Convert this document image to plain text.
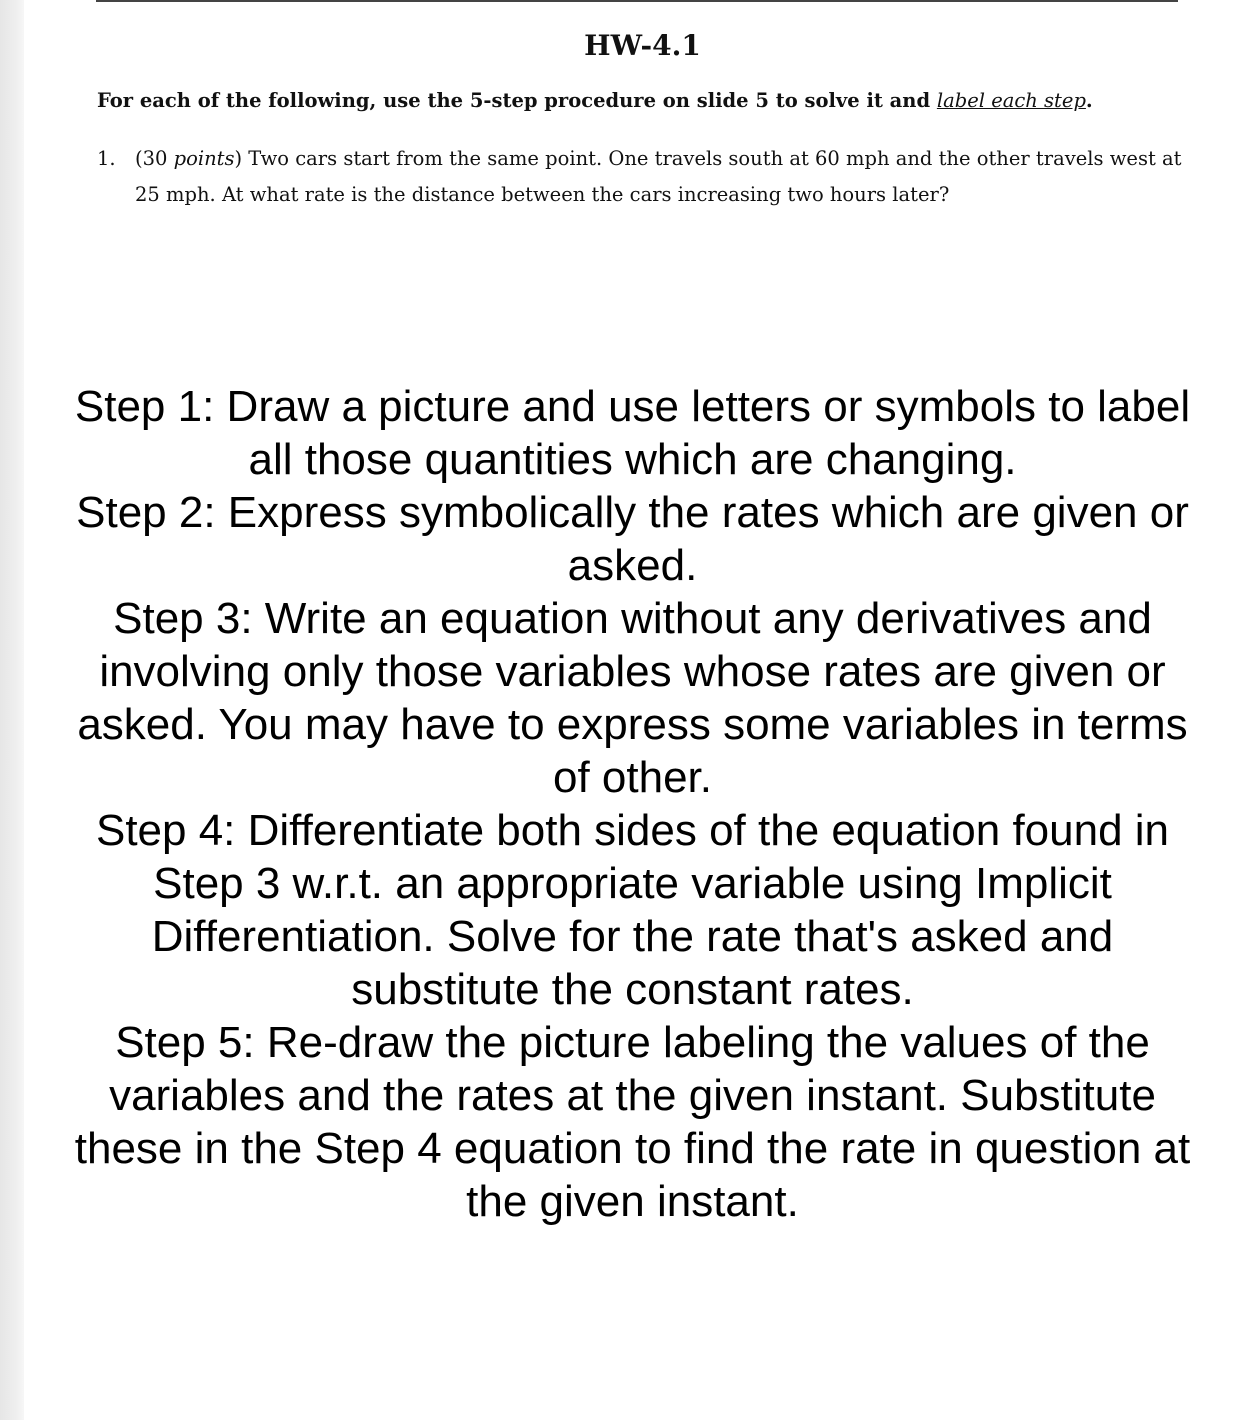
HW-4.1

For each of the following, use the 5-step procedure on slide 5 to solve it and label each step.

1. (30 points) Two cars start from the same point. One travels south at 60 mph and the other travels west at 25 mph. At what rate is the distance between the cars increasing two hours later?
Step 1: Draw a picture and use letters or symbols to label all those quantities which are changing.
Step 2: Express symbolically the rates which are given or asked.
Step 3: Write an equation without any derivatives and involving only those variables whose rates are given or asked. You may have to express some variables in terms of other.
Step 4: Differentiate both sides of the equation found in Step 3 w.r.t. an appropriate variable using Implicit Differentiation. Solve for the rate that's asked and substitute the constant rates.
Step 5: Re-draw the picture labeling the values of the variables and the rates at the given instant. Substitute these in the Step 4 equation to find the rate in question at the given instant.
